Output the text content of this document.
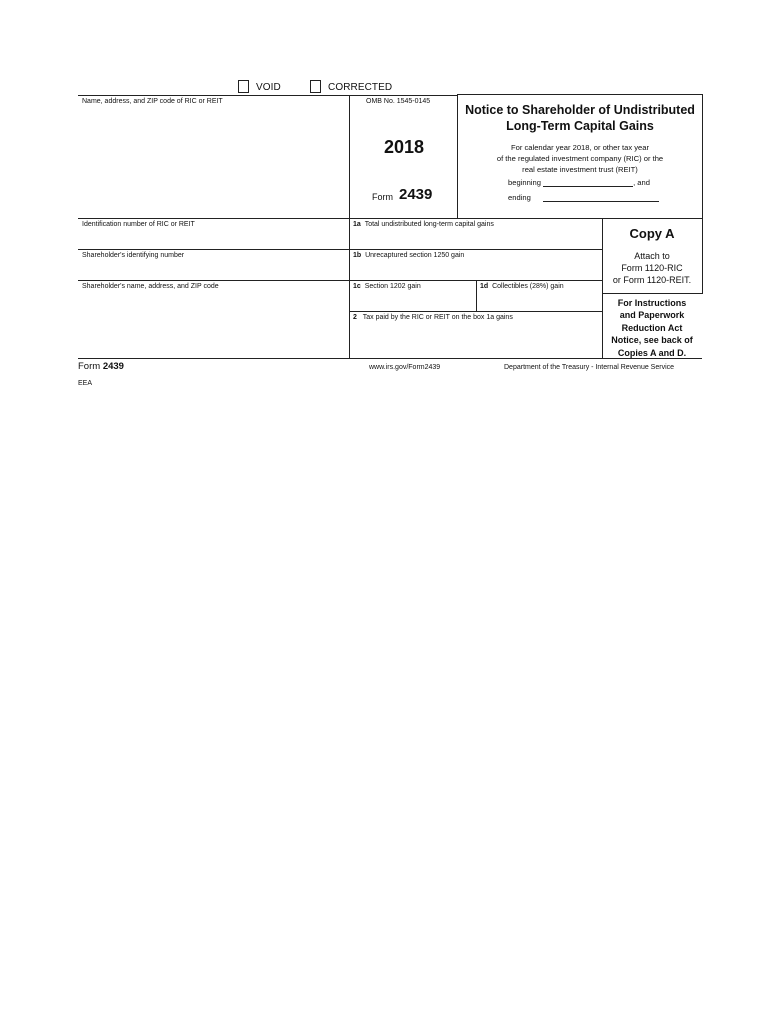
VOID	CORRECTED
Name, address, and ZIP code of RIC or REIT	OMB No. 1545-0145
2018
Form 2439
Notice to Shareholder of Undistributed
Long-Term Capital Gains
For calendar year 2018, or other tax year
of the regulated investment company (RIC) or the
real estate investment trust (REIT)
beginning	, and
ending
Identification number of RIC or REIT
Shareholder's identifying number
Shareholder's name, address, and ZIP code
1a Total undistributed long-term capital gains
1b Unrecaptured section 1250 gain
1c Section 1202 gain	1d Collectibles (28%) gain
2 Tax paid by the RIC or REIT on the box 1a gains
Copy A
Attach to
Form 1120-RIC
or Form 1120-REIT.
For Instructions
and Paperwork
Reduction Act
Notice, see back of
Copies A and D.
Form 2439	www.irs.gov/Form2439	Department of the Treasury - Internal Revenue Service
EEA
